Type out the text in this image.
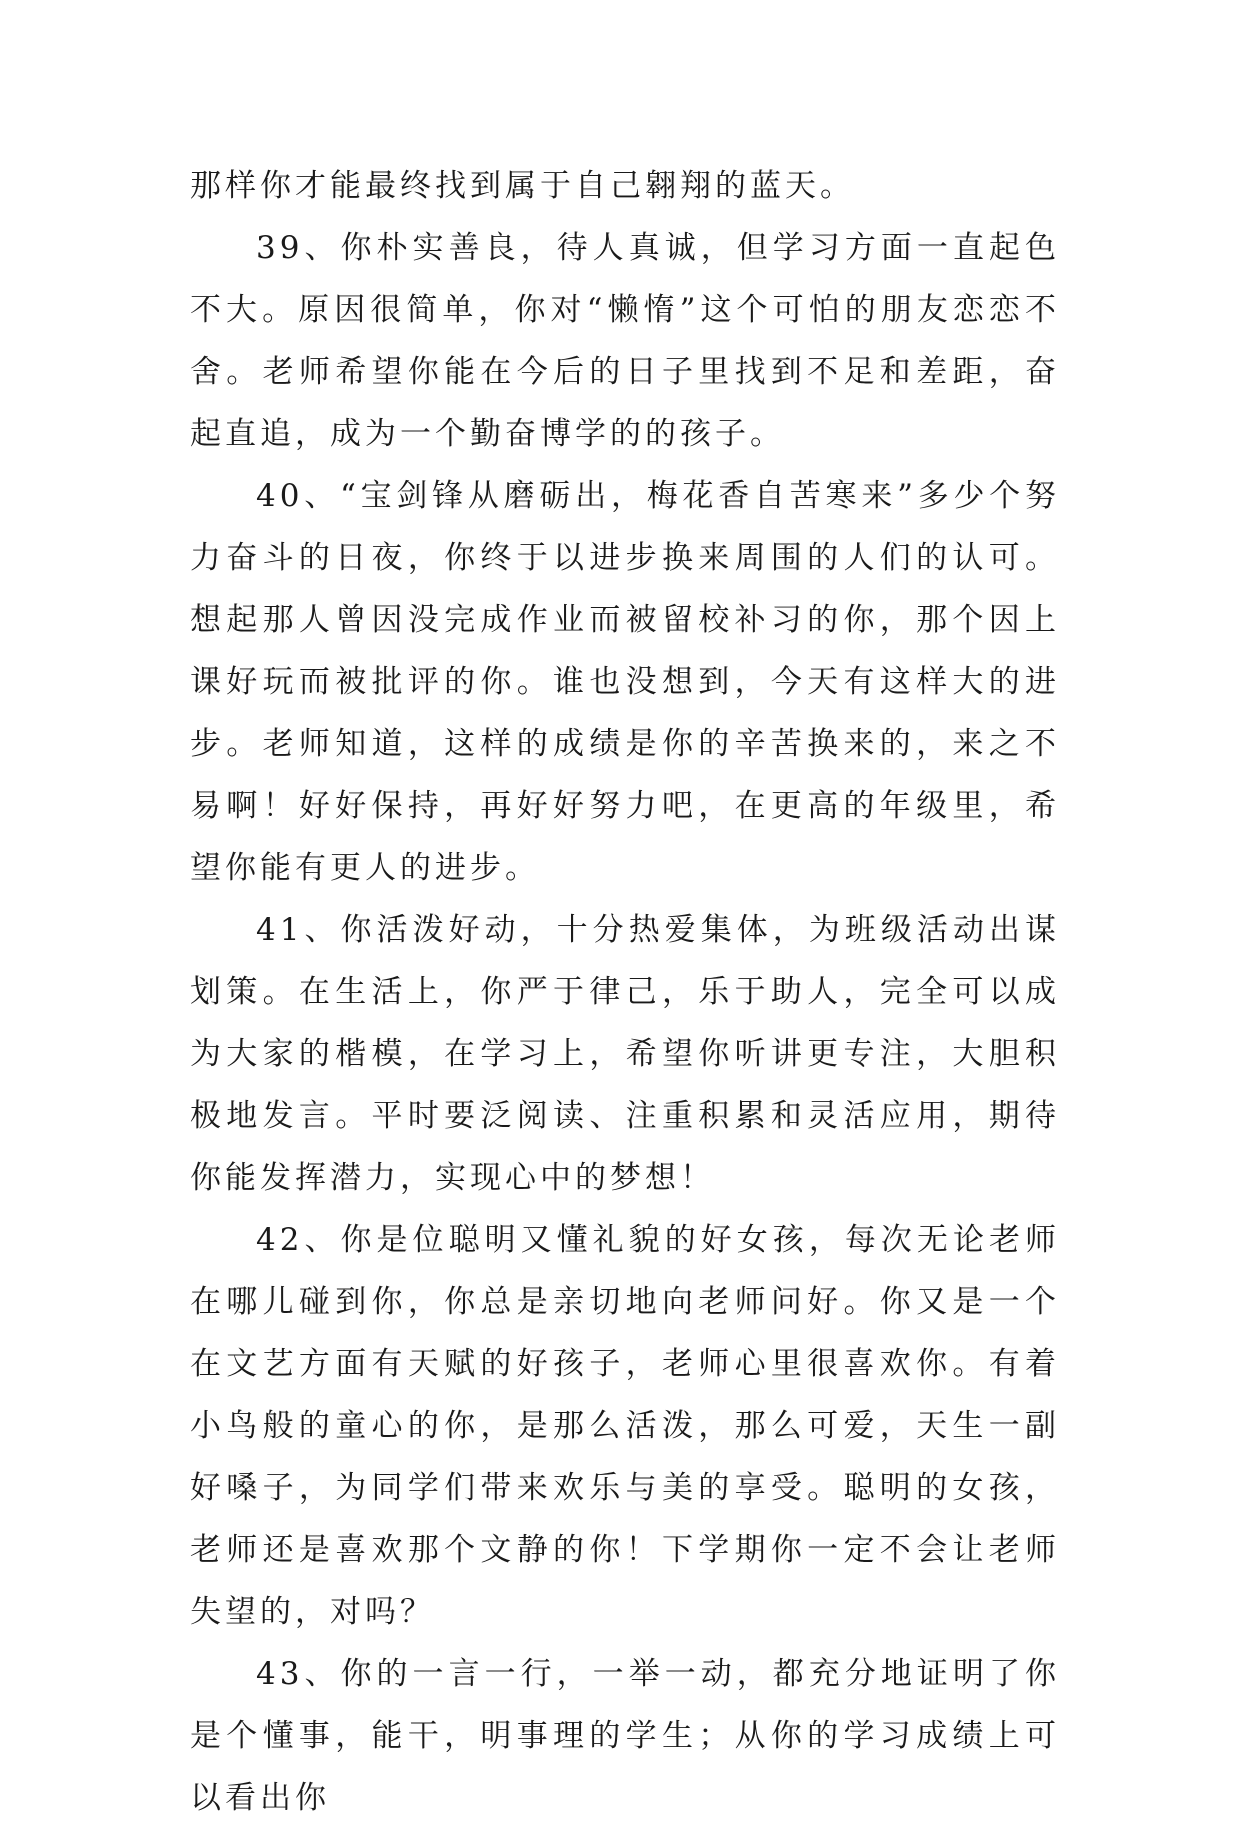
那样你才能最终找到属于自己翱翔的蓝天。

39、你朴实善良，待人真诚，但学习方面一直起色不大。原因很简单，你对“懒惰”这个可怕的朋友恋恋不舍。老师希望你能在今后的日子里找到不足和差距，奋起直追，成为一个勤奋博学的的孩子。

40、“宝剑锋从磨砺出，梅花香自苦寒来”多少个努力奋斗的日夜，你终于以进步换来周围的人们的认可。想起那人曾因没完成作业而被留校补习的你，那个因上课好玩而被批评的你。谁也没想到，今天有这样大的进步。老师知道，这样的成绩是你的辛苦换来的，来之不易啊！好好保持，再好好努力吧，在更高的年级里，希望你能有更人的进步。

41、你活泼好动，十分热爱集体，为班级活动出谋划策。在生活上，你严于律己，乐于助人，完全可以成为大家的楷模，在学习上，希望你听讲更专注，大胆积极地发言。平时要泛阅读、注重积累和灵活应用，期待你能发挥潜力，实现心中的梦想！

42、你是位聪明又懂礼貌的好女孩，每次无论老师在哪儿碰到你，你总是亲切地向老师问好。你又是一个在文艺方面有天赋的好孩子，老师心里很喜欢你。有着小鸟般的童心的你，是那么活泼，那么可爱，天生一副好嗓子，为同学们带来欢乐与美的享受。聪明的女孩，老师还是喜欢那个文静的你！下学期你一定不会让老师失望的，对吗？

43、你的一言一行，一举一动，都充分地证明了你是个懂事，能干，明事理的学生；从你的学习成绩上可以看出你
